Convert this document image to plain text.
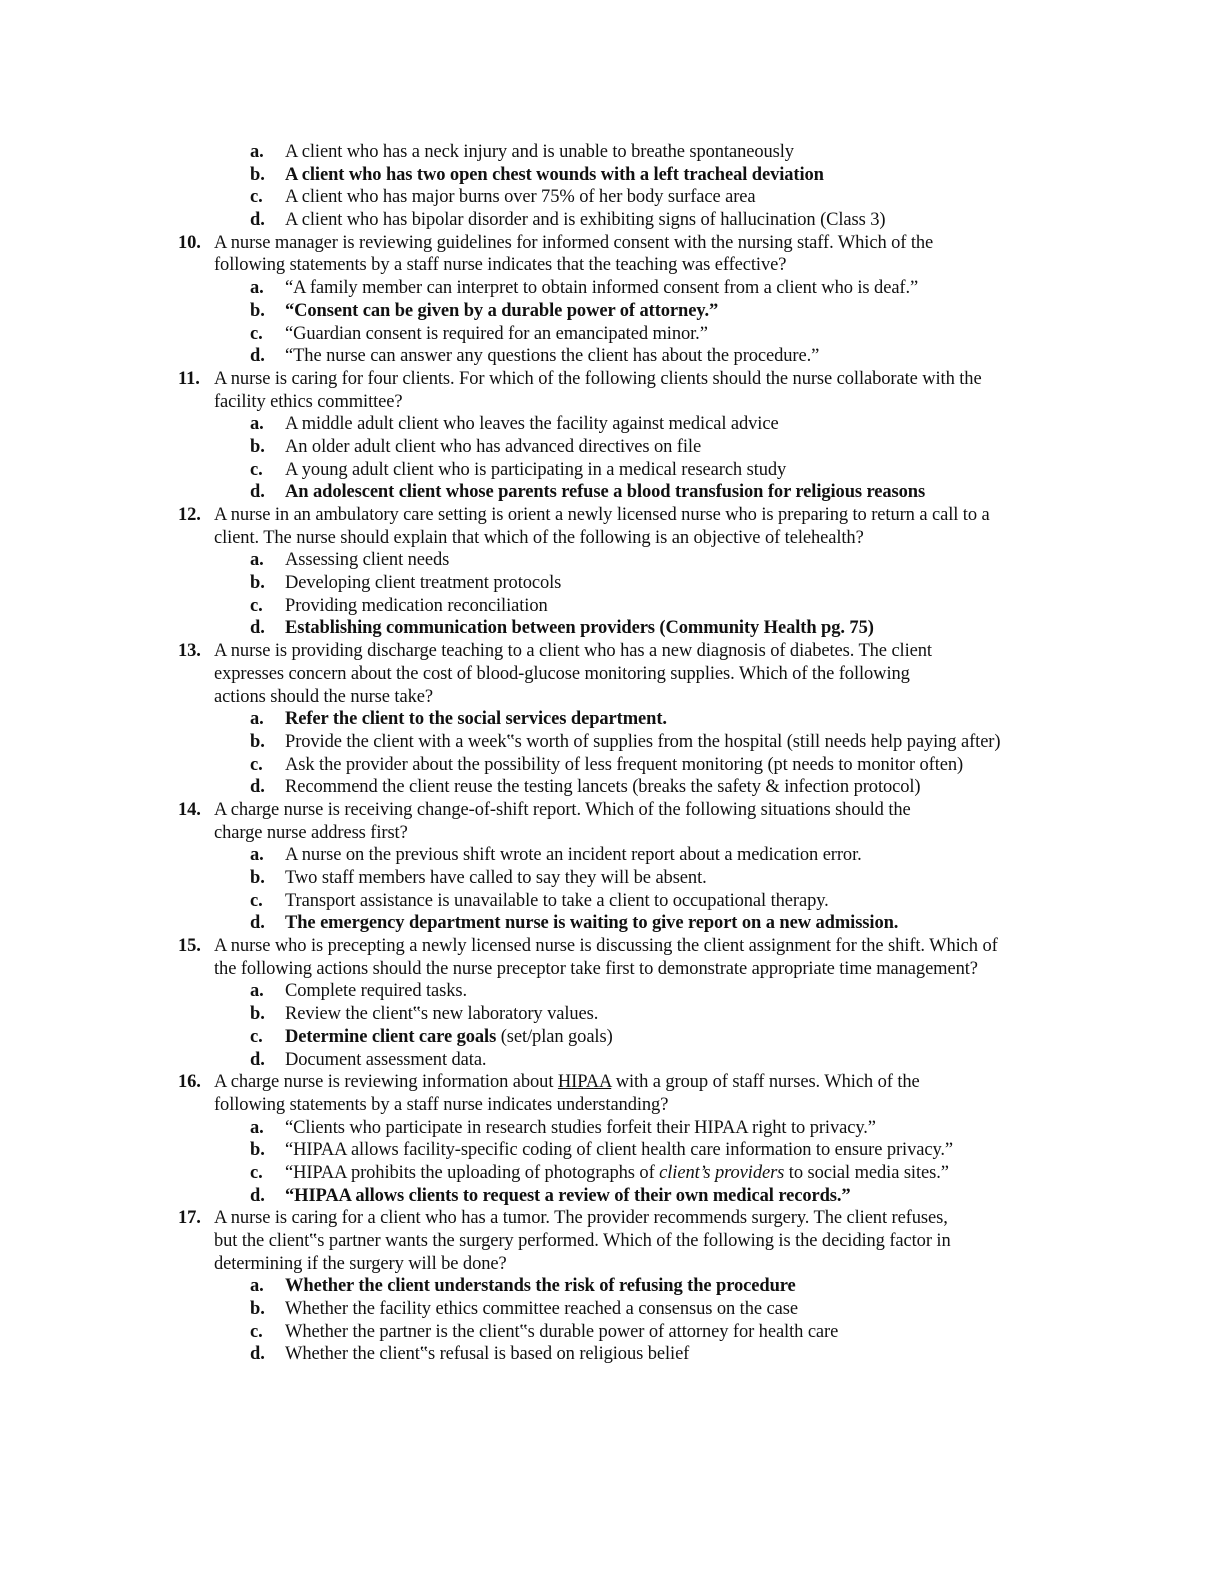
a.	A client who has a neck injury and is unable to breathe spontaneously
b.	A client who has two open chest wounds with a left tracheal deviation
c.	A client who has major burns over 75% of her body surface area
d.	A client who has bipolar disorder and is exhibiting signs of hallucination (Class 3)
10. A nurse manager is reviewing guidelines for informed consent with the nursing staff. Which of the
following statements by a staff nurse indicates that the teaching was effective?
a.	“A family member can interpret to obtain informed consent from a client who is deaf.”
b.	“Consent can be given by a durable power of attorney.”
c.	“Guardian consent is required for an emancipated minor.”
d.	“The nurse can answer any questions the client has about the procedure.”
11. A nurse is caring for four clients. For which of the following clients should the nurse collaborate with the
facility ethics committee?
a.	A middle adult client who leaves the facility against medical advice
b.	An older adult client who has advanced directives on file
c.	A young adult client who is participating in a medical research study
d.	An adolescent client whose parents refuse a blood transfusion for religious reasons
12. A nurse in an ambulatory care setting is orient a newly licensed nurse who is preparing to return a call to a
client. The nurse should explain that which of the following is an objective of telehealth?
a.	Assessing client needs
b.	Developing client treatment protocols
c.	Providing medication reconciliation
d.	Establishing communication between providers (Community Health pg. 75)
13. A nurse is providing discharge teaching to a client who has a new diagnosis of diabetes. The client
expresses concern about the cost of blood-glucose monitoring supplies. Which of the following
actions should the nurse take?
a.	Refer the client to the social services department.
b.	Provide the client with a week‟s worth of supplies from the hospital (still needs help paying after)
c.	Ask the provider about the possibility of less frequent monitoring (pt needs to monitor often)
d.	Recommend the client reuse the testing lancets (breaks the safety & infection protocol)
14. A charge nurse is receiving change-of-shift report. Which of the following situations should the
charge nurse address first?
a.	A nurse on the previous shift wrote an incident report about a medication error.
b.	Two staff members have called to say they will be absent.
c.	Transport assistance is unavailable to take a client to occupational therapy.
d.	The emergency department nurse is waiting to give report on a new admission.
15. A nurse who is precepting a newly licensed nurse is discussing the client assignment for the shift. Which of
the following actions should the nurse preceptor take first to demonstrate appropriate time management?
a.	Complete required tasks.
b.	Review the client‟s new laboratory values.
c.	Determine client care goals (set/plan goals)
d.	Document assessment data.
16. A charge nurse is reviewing information about HIPAA with a group of staff nurses. Which of the
following statements by a staff nurse indicates understanding?
a.	“Clients who participate in research studies forfeit their HIPAA right to privacy.”
b.	“HIPAA allows facility-specific coding of client health care information to ensure privacy.”
c.	“HIPAA prohibits the uploading of photographs of client’s providers to social media sites.”
d.	“HIPAA allows clients to request a review of their own medical records.”
17. A nurse is caring for a client who has a tumor. The provider recommends surgery. The client refuses,
but the client‟s partner wants the surgery performed. Which of the following is the deciding factor in
determining if the surgery will be done?
a.	Whether the client understands the risk of refusing the procedure
b.	Whether the facility ethics committee reached a consensus on the case
c.	Whether the partner is the client‟s durable power of attorney for health care
d.	Whether the client‟s refusal is based on religious belief
